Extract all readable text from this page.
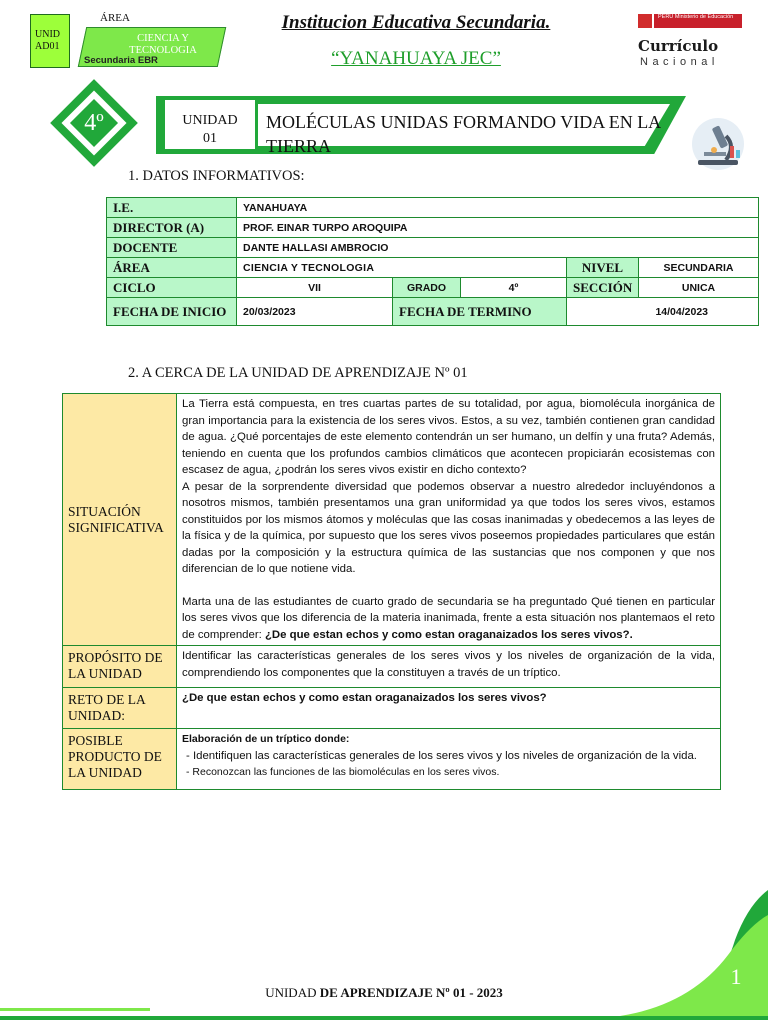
UNID AD01
ÁREA
CIENCIA Y TECNOLOGIA
Secundaria EBR
Institucion Educativa Secundaria.
“YANAHUAYA JEC”
PERÚ Ministerio de Educación
Currículo
Nacional
4º	UNIDAD
01
MOLÉCULAS UNIDAS FORMANDO VIDA EN LA TIERRA
1. DATOS INFORMATIVOS:
I.E.	YANAHUAYA				
DIRECTOR (A)	PROF. EINAR TURPO AROQUIPA				
DOCENTE	DANTE HALLASI AMBROCIO				
ÁREA	CIENCIA Y TECNOLOGIA			NIVEL	SECUNDARIA
CICLO	VII	GRADO	4º	SECCIÓN	UNICA
FECHA DE INICIO	20/03/2023	FECHA DE TERMINO		14/04/2023	
2. A CERCA DE LA UNIDAD DE APRENDIZAJE Nº 01
SITUACIÓN SIGNIFICATIVA	La Tierra está compuesta, en tres cuartas partes de su totalidad, por agua, biomolécula inorgánica de gran importancia para la existencia de los seres vivos. Estos, a su vez, también contienen gran candidad de agua. ¿Qué porcentajes de este elemento contendrán un ser humano, un delfín y una fruta? Además, teniendo en cuenta que los profundos cambios climáticos que acontecen propiciarán ecosistemas con escasez de agua, ¿podrán los seres vivos existir en dicho contexto?

A pesar de la sorprendente diversidad que podemos observar a nuestro alrededor incluyéndonos a nosotros mismos, también presentamos una gran uniformidad ya que todos los seres vivos, estamos constituidos por los mismos átomos y moléculas que las cosas inanimadas y obedecemos a las leyes de la física y de la química, por supuesto que los seres vivos poseemos propiedades particulares que están dadas por la composición y la estructura química de las sustancias que nos componen y que nos diferencian de lo que notiene vida.

Marta una de las estudiantes de cuarto grado de secundaria se ha preguntado Qué tienen en particular los seres vivos que los diferencia de la materia inanimada, frente a esta situación nos plantemaos el reto de comprender: ¿De que estan echos y como estan oraganaizados los seres vivos?.

PROPÓSITO DE LA UNIDAD	Identificar las características generales de los seres vivos y los niveles de organización de la vida, comprendiendo los componentes que la constituyen a través de un tríptico.
RETO DE LA UNIDAD:	¿De que estan echos y como estan oraganaizados los seres vivos?
POSIBLE PRODUCTO DE LA UNIDAD	Elaboración de un tríptico donde:
- Identifiquen las características generales de los seres vivos y los niveles de organización de la vida.
- Reconozcan las funciones de las biomoléculas en los seres vivos.
1
UNIDAD DE APRENDIZAJE Nº 01 - 2023
